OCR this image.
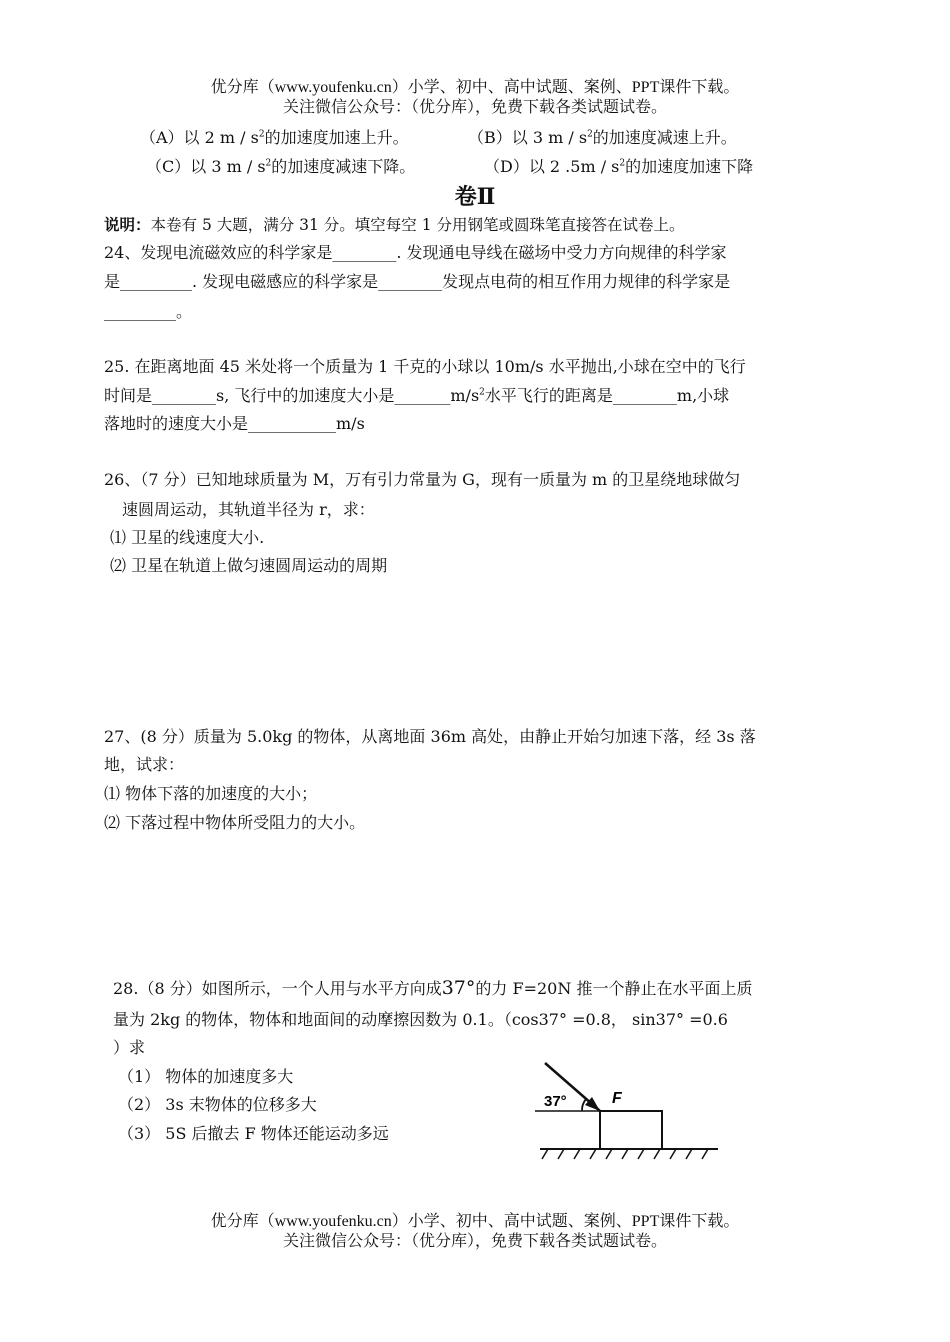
优分库（www.youfenku.cn）小学、初中、高中试题、案例、PPT课件下载。
关注微信公众号：（优分库），免费下载各类试题试卷。
（A）以 2 m / $s^2$的加速度加速上升。	（B）以 3 m / $s^2$的加速度减速上升。
（C）以 3 m / $s^2$的加速度减速下降。	（D）以 2 $.5m / s^2$的加速度加速下降
卷Ⅱ
说明：本卷有 5 大题，满分 31 分。填空每空 1 分用钢笔或圆珠笔直接答在试卷上。
24、发现电流磁效应的科学家是________. 发现通电导线在磁场中受力方向规律的科学家
是_________. 发现电磁感应的科学家是________发现点电荷的相互作用力规律的科学家是
_________。
25. 在距离地面 45 米处将一个质量为 1 千克的小球以 10m/s 水平抛出,小球在空中的飞行
时间是________s, 飞行中的加速度大小是$\_\_\_\_\_\_\_m/s^2$水平飞行的距离是________m,小球
落地时的速度大小是___________m/s
26、（7 分）已知地球质量为 M，万有引力常量为 G，现有一质量为 m 的卫星绕地球做匀
速圆周运动，其轨道半径为 r，求：
⑴ 卫星的线速度大小.
⑵ 卫星在轨道上做匀速圆周运动的周期
27、(8 分）质量为 5.0kg 的物体，从离地面 36m 高处，由静止开始匀加速下落，经 3s 落
地，试求：
⑴ 物体下落的加速度的大小；
⑵ 下落过程中物体所受阻力的大小。
28.（8 分）如图所示，一个人用与水平方向成37°的力 F=20N 推一个静止在水平面上质
量为 2kg 的物体，物体和地面间的动摩擦因数为 0.1。（cos37° =0.8， sin37° =0.6
）求
（1） 物体的加速度多大
（2） 3s 末物体的位移多大
（3） 5S 后撤去 F 物体还能运动多远
37°	F
优分库（www.youfenku.cn）小学、初中、高中试题、案例、PPT课件下载。
关注微信公众号：（优分库），免费下载各类试题试卷。
